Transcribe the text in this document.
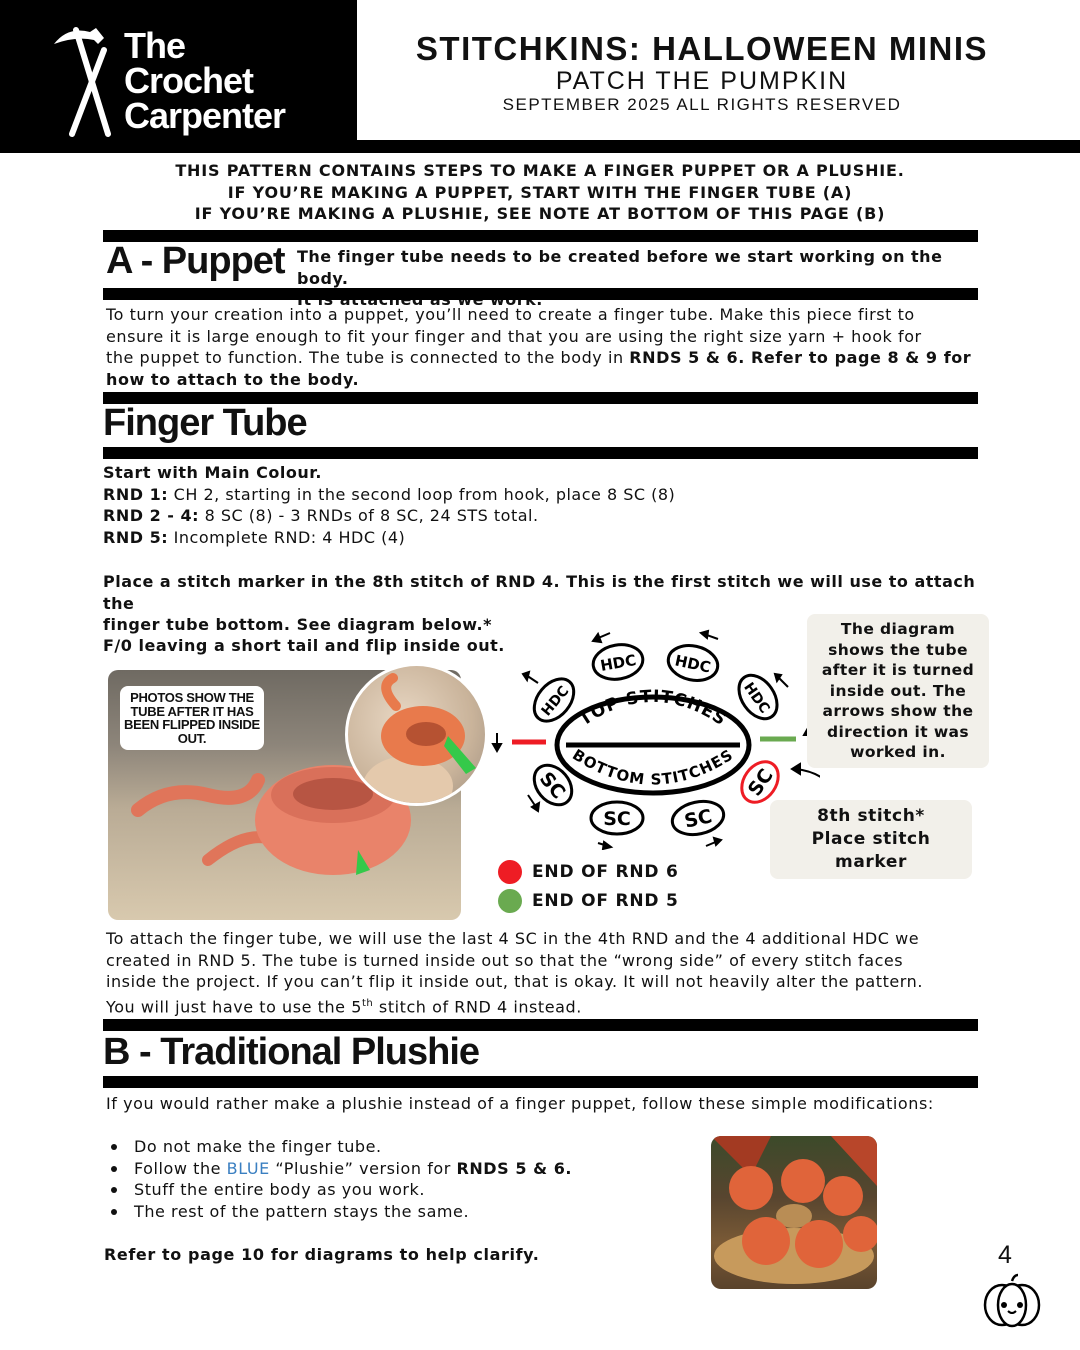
The
Crochet
Carpenter
STITCHKINS: HALLOWEEN MINIS
PATCH THE PUMPKIN
SEPTEMBER 2025 ALL RIGHTS RESERVED
THIS PATTERN CONTAINS STEPS TO MAKE A FINGER PUPPET OR A PLUSHIE.
IF YOU’RE MAKING A PUPPET, START WITH THE FINGER TUBE (A)
IF YOU’RE MAKING A PLUSHIE, SEE NOTE AT BOTTOM OF THIS PAGE (B)
A - Puppet The finger tube needs to be created before we start working on the body.
To turn your creation into a puppet, you’ll need to create a finger tube. Make this piece first to
ensure it is large enough to fit your finger and that you are using the right size yarn + hook for
the puppet to function. The tube is connected to the body in RNDS 5 & 6. Refer to page 8 & 9 for
how to attach to the body.
Finger Tube
Start with Main Colour.
RND 1: CH 2, starting in the second loop from hook, place 8 SC (8)
RND 2 - 4: 8 SC (8) - 3 RNDs of 8 SC, 24 STS total.
RND 5: Incomplete RND: 4 HDC (4)
Place a stitch marker in the 8th stitch of RND 4. This is the first stitch we will use to attach the
finger tube bottom. See diagram below.*
F/0 leaving a short tail and flip inside out.
PHOTOS SHOW THE TUBE AFTER IT HAS BEEN FLIPPED INSIDE OUT.
TOP STITCHES
BOTTOM STITCHES
HDC HDC
HDC	HDC
SC
SC	SC
SC
The diagram shows the tube after it is turned inside out. The arrows show the direction it was worked in.
8th stitch*
Place stitch marker
END OF RND 6
END OF RND 5
To attach the finger tube, we will use the last 4 SC in the 4th RND and the 4 additional HDC we
created in RND 5. The tube is turned inside out so that the “wrong side” of every stitch faces
inside the project. If you can’t flip it inside out, that is okay. It will not heavily alter the pattern.
You will just have to use the 5th stitch of RND 4 instead.
B - Traditional Plushie
If you would rather make a plushie instead of a finger puppet, follow these simple modifications:
Do not make the finger tube.
Follow the BLUE “Plushie” version for RNDS 5 & 6.
Stuff the entire body as you work.
The rest of the pattern stays the same.
Refer to page 10 for diagrams to help clarify.	4
